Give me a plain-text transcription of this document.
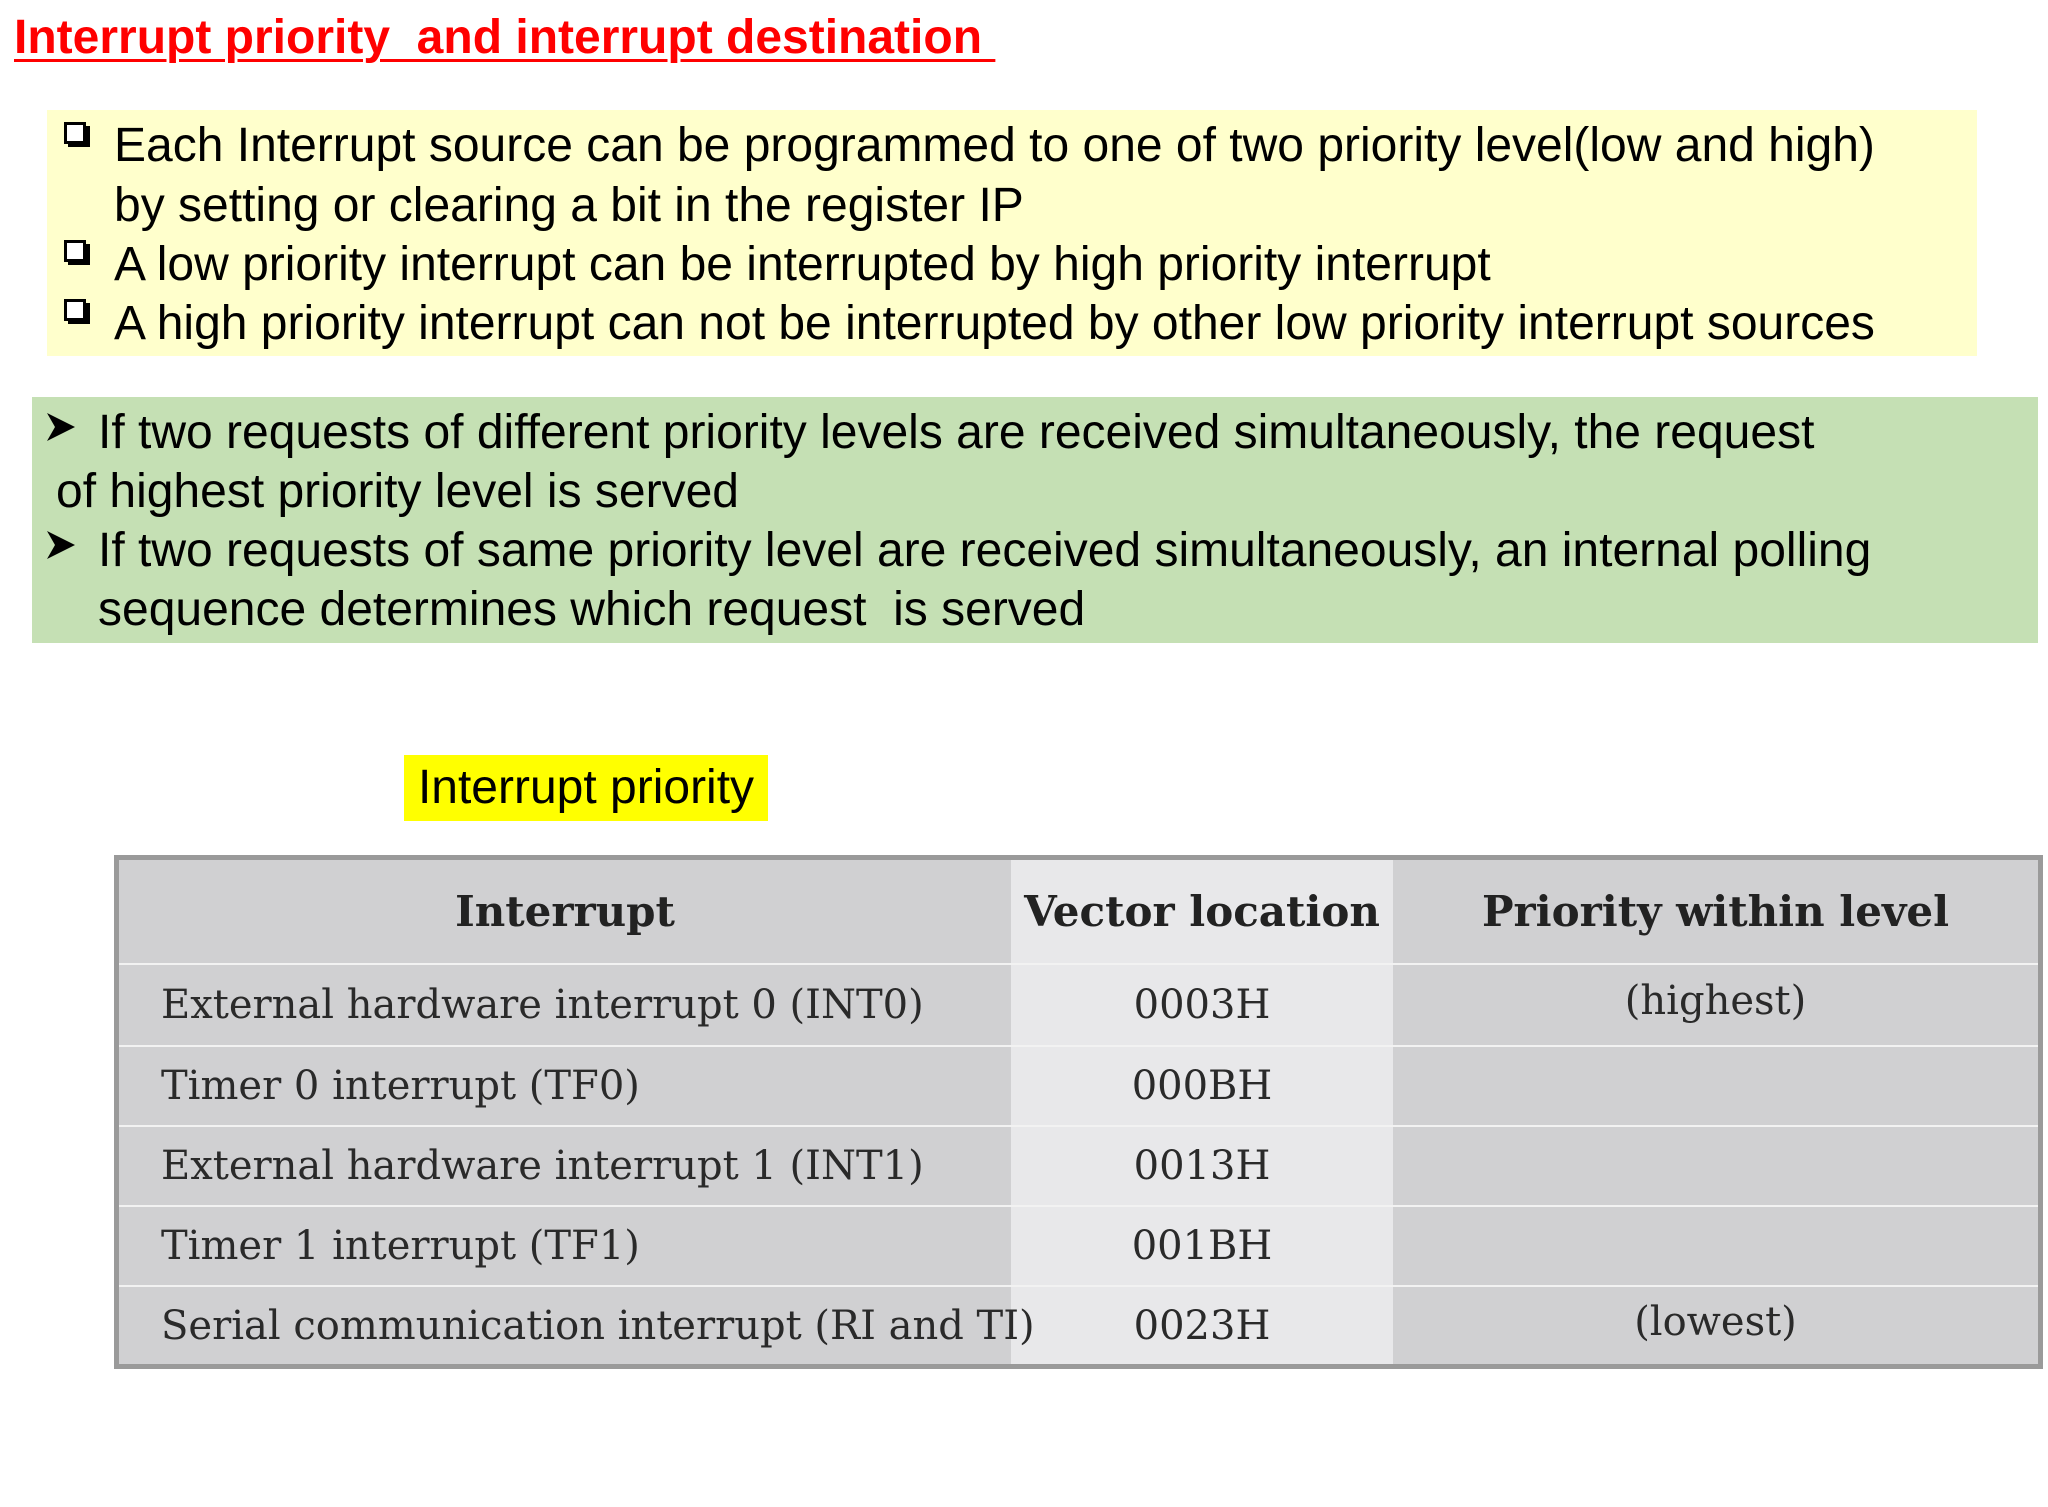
Interrupt priority  and interrupt destination
Each Interrupt source can be programmed to one of two priority level(low and high)
by setting or clearing a bit in the register IP
A low priority interrupt can be interrupted by high priority interrupt
A high priority interrupt can not be interrupted by other low priority interrupt sources
If two requests of different priority levels are received simultaneously, the request
of highest priority level is served
If two requests of same priority level are received simultaneously, an internal polling
sequence determines which request  is served
Interrupt priority
Interrupt	Vector location	Priority within level
External hardware interrupt 0 (INT0)	0003H	(highest)
Timer 0 interrupt (TF0)	000BH
External hardware interrupt 1 (INT1)	0013H
Timer 1 interrupt (TF1)	001BH
Serial communication interrupt (RI and TI)	0023H	(lowest)
